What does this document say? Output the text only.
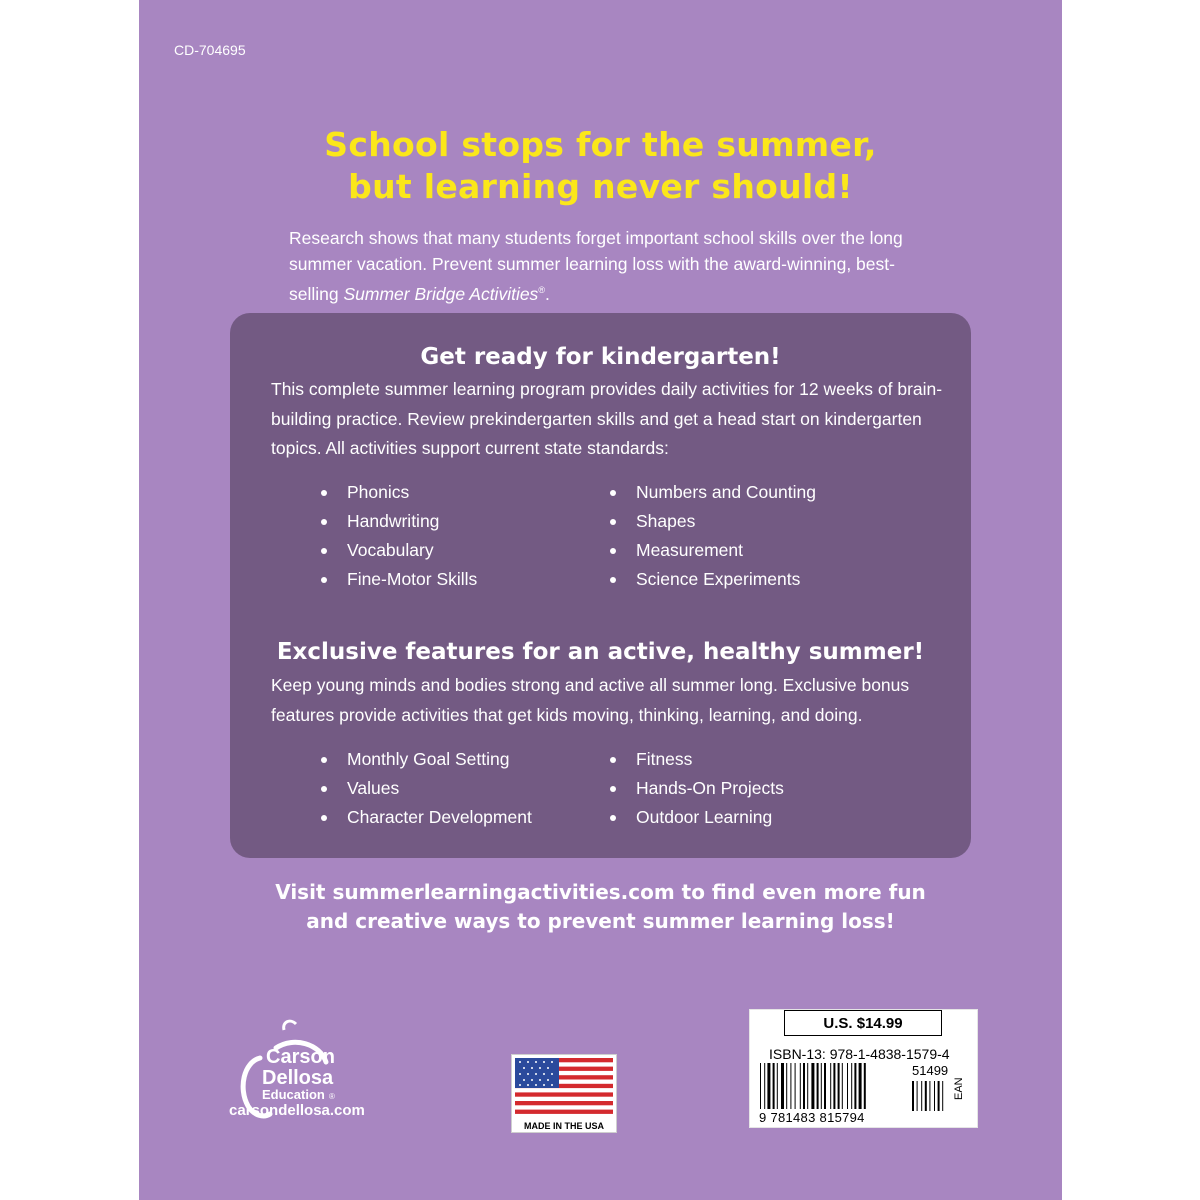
CD-704695
School stops for the summer,
but learning never should!
Research shows that many students forget important school skills over the long summer vacation. Prevent summer learning loss with the award-winning, best-selling Summer Bridge Activities®.
Get ready for kindergarten!
This complete summer learning program provides daily activities for 12 weeks of brain-building practice. Review prekindergarten skills and get a head start on kindergarten topics. All activities support current state standards:
Phonics
Handwriting
Vocabulary
Fine-Motor Skills
Numbers and Counting
Shapes
Measurement
Science Experiments
Exclusive features for an active, healthy summer!
Keep young minds and bodies strong and active all summer long. Exclusive bonus features provide activities that get kids moving, thinking, learning, and doing.
Monthly Goal Setting
Values
Character Development
Fitness
Hands-On Projects
Outdoor Learning
Visit summerlearningactivities.com to find even more fun
and creative ways to prevent summer learning loss!
Carson
Dellosa
Education ®
carsondellosa.com
MADE IN THE USA
U.S. $14.99
ISBN-13: 978-1-4838-1579-4
51499
9 781483 815794
EAN
